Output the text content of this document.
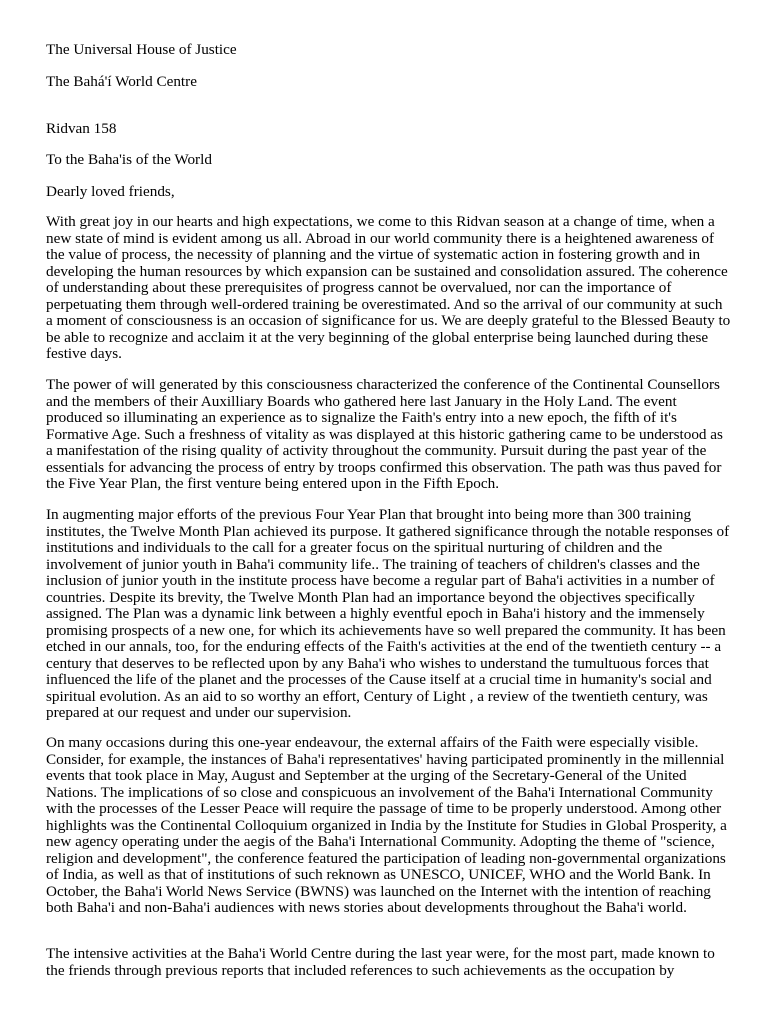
The Universal House of Justice

The Bahá'í World Centre

Ridvan 158

To the Baha'is of the World

Dearly loved friends,

With great joy in our hearts and high expectations, we come to this Ridvan season at a change of time, when a new state of mind is evident among us all. Abroad in our world community there is a heightened awareness of the value of process, the necessity of planning and the virtue of systematic action in fostering growth and in developing the human resources by which expansion can be sustained and consolidation assured. The coherence of understanding about these prerequisites of progress cannot be overvalued, nor can the importance of perpetuating them through well-ordered training be overestimated. And so the arrival of our community at such a moment of consciousness is an occasion of significance for us. We are deeply grateful to the Blessed Beauty to be able to recognize and acclaim it at the very beginning of the global enterprise being launched during these festive days.

The power of will generated by this consciousness characterized the conference of the Continental Counsellors and the members of their Auxilliary Boards who gathered here last January in the Holy Land. The event produced so illuminating an experience as to signalize the Faith's entry into a new epoch, the fifth of it's Formative Age. Such a freshness of vitality as was displayed at this historic gathering came to be understood as a manifestation of the rising quality of activity throughout the community. Pursuit during the past year of the essentials for advancing the process of entry by troops confirmed this observation. The path was thus paved for the Five Year Plan, the first venture being entered upon in the Fifth Epoch.

In augmenting major efforts of the previous Four Year Plan that brought into being more than 300 training institutes, the Twelve Month Plan achieved its purpose. It gathered significance through the notable responses of institutions and individuals to the call for a greater focus on the spiritual nurturing of children and the involvement of junior youth in Baha'i community life.. The training of teachers of children's classes and the inclusion of junior youth in the institute process have become a regular part of Baha'i activities in a number of countries. Despite its brevity, the Twelve Month Plan had an importance beyond the objectives specifically assigned. The Plan was a dynamic link between a highly eventful epoch in Baha'i history and the immensely promising prospects of a new one, for which its achievements have so well prepared the community. It has been etched in our annals, too, for the enduring effects of the Faith's activities at the end of the twentieth century -- a century that deserves to be reflected upon by any Baha'i who wishes to understand the tumultuous forces that influenced the life of the planet and the processes of the Cause itself at a crucial time in humanity's social and spiritual evolution. As an aid to so worthy an effort, Century of Light , a review of the twentieth century, was prepared at our request and under our supervision.

On many occasions during this one-year endeavour, the external affairs of the Faith were especially visible. Consider, for example, the instances of Baha'i representatives' having participated prominently in the millennial events that took place in May, August and September at the urging of the Secretary-General of the United Nations. The implications of so close and conspicuous an involvement of the Baha'i International Community with the processes of the Lesser Peace will require the passage of time to be properly understood. Among other highlights was the Continental Colloquium organized in India by the Institute for Studies in Global Prosperity, a new agency operating under the aegis of the Baha'i International Community. Adopting the theme of "science, religion and development", the conference featured the participation of leading non-governmental organizations of India, as well as that of institutions of such reknown as UNESCO, UNICEF, WHO and the World Bank. In October, the Baha'i World News Service (BWNS) was launched on the Internet with the intention of reaching both Baha'i and non-Baha'i audiences with news stories about developments throughout the Baha'i world.

The intensive activities at the Baha'i World Centre during the last year were, for the most part, made known to the friends through previous reports that included references to such achievements as the occupation by
